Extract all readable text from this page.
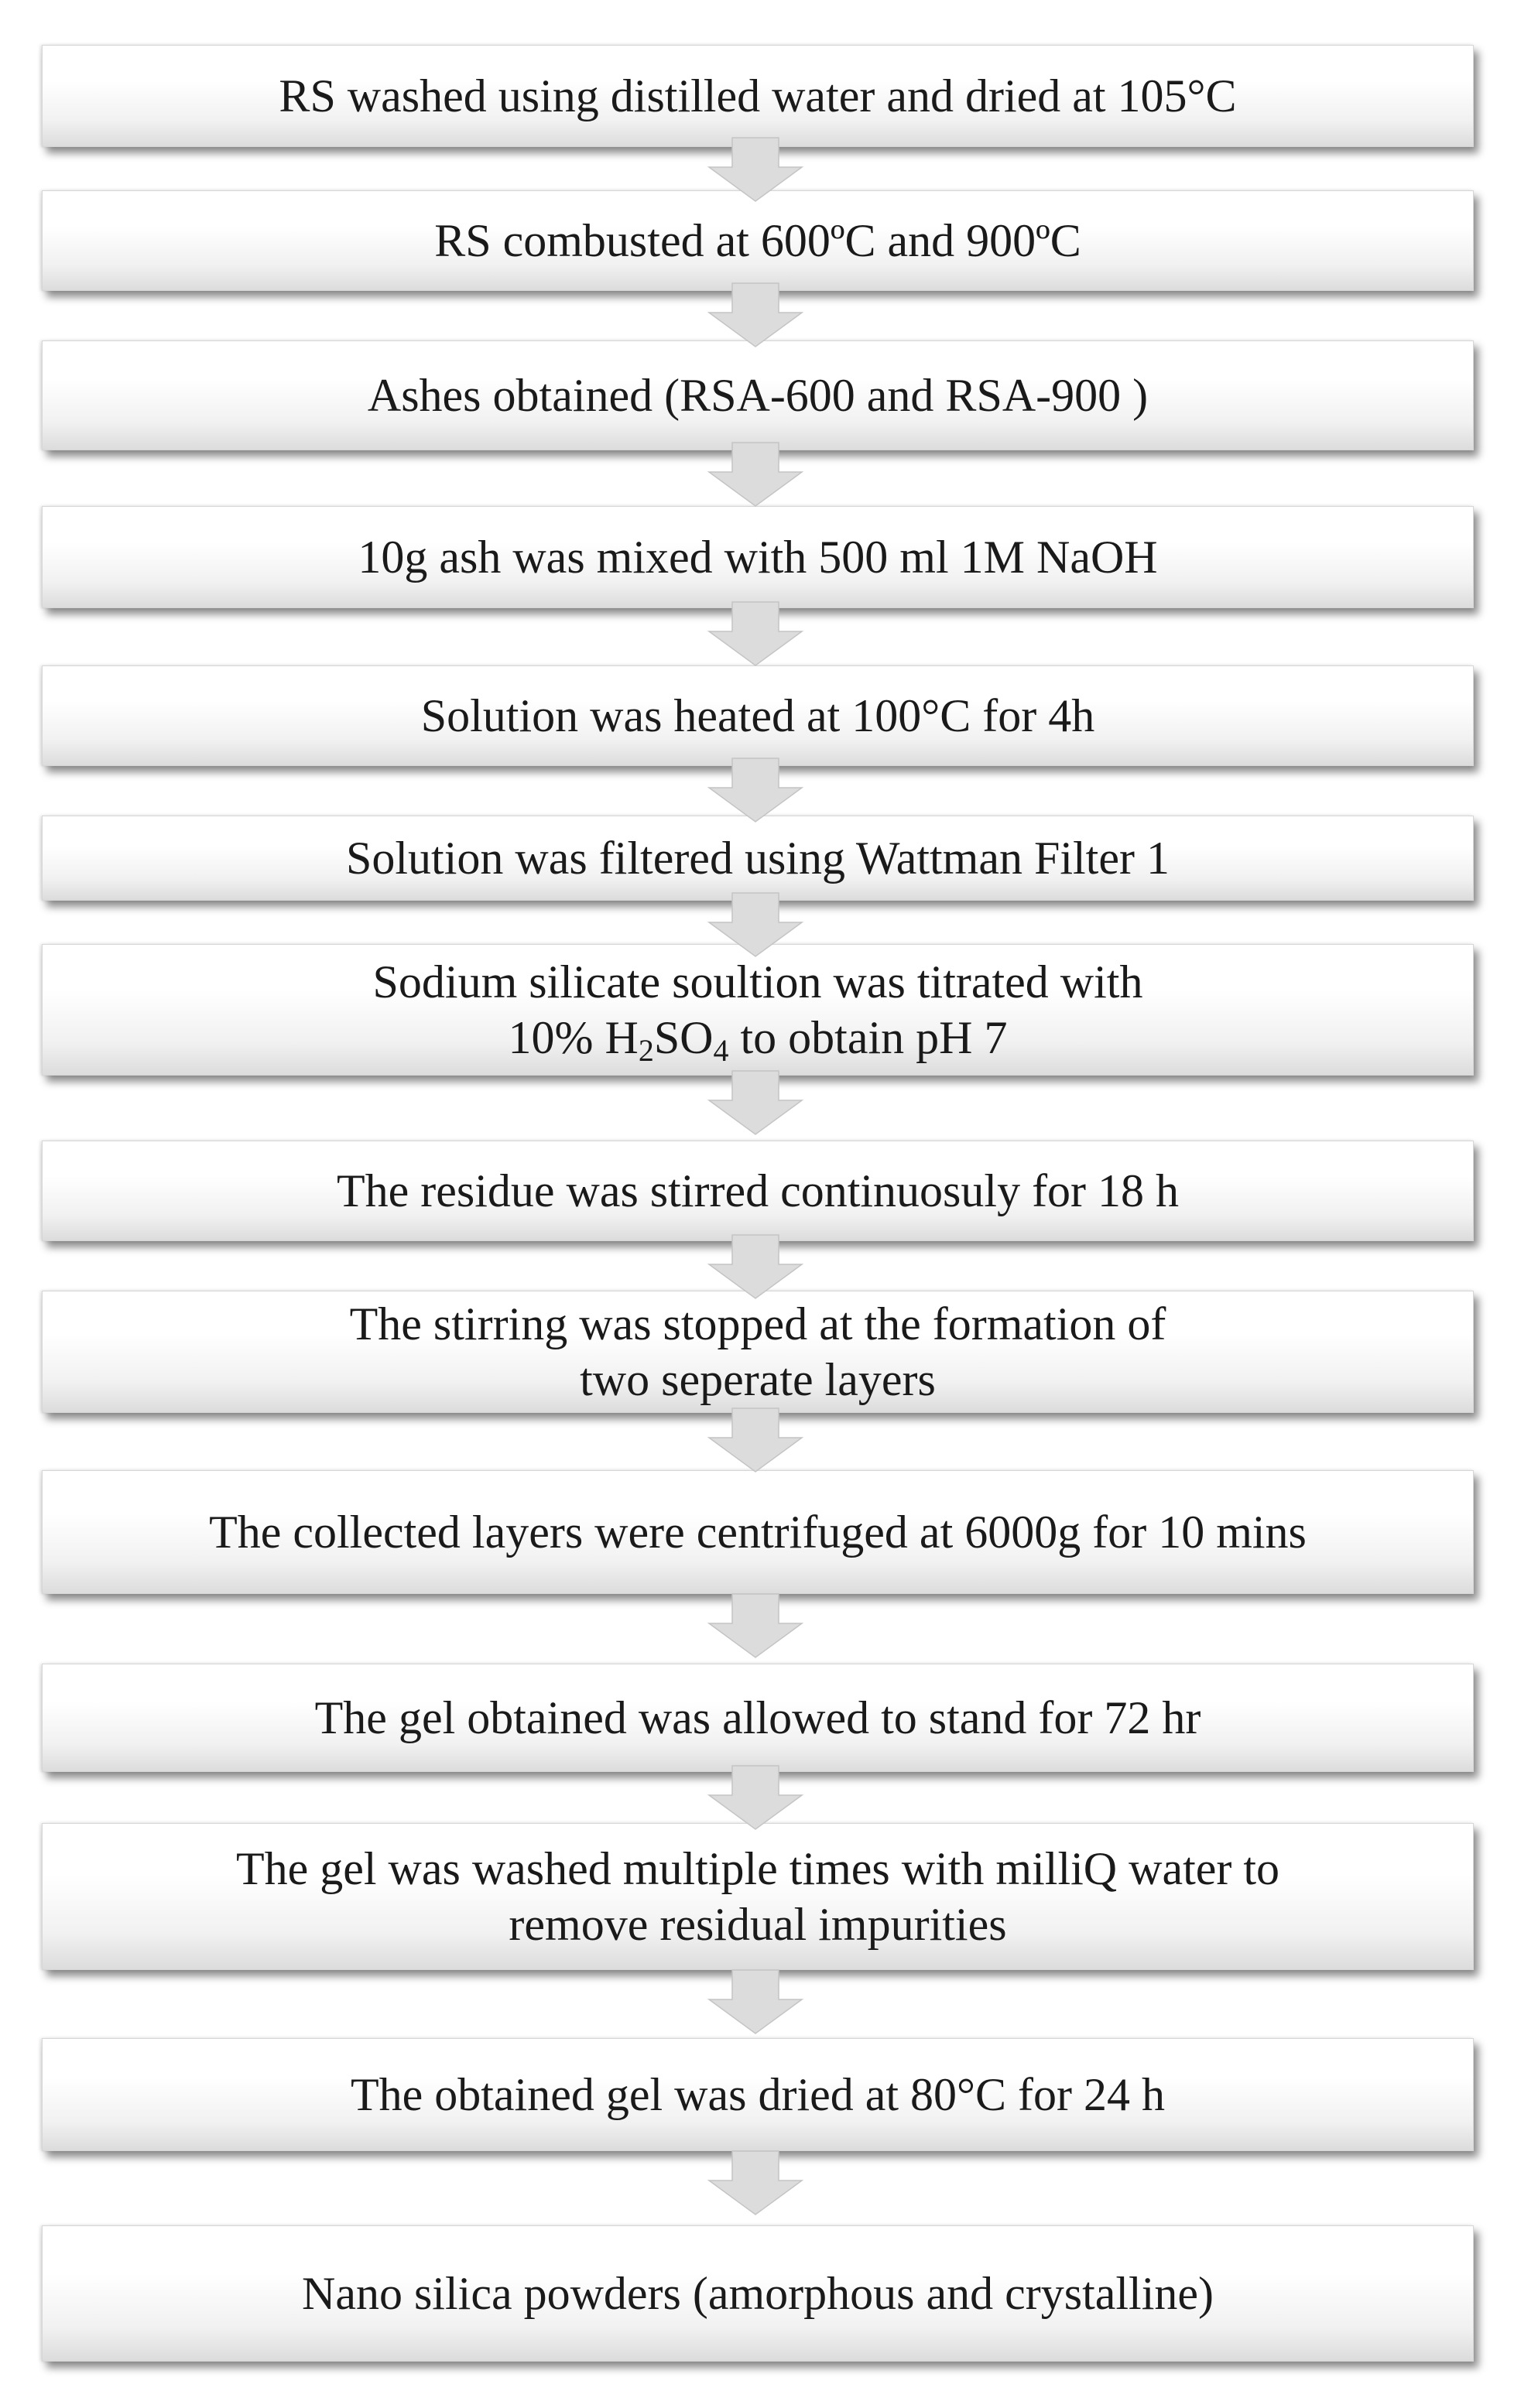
RS washed using distilled water and dried at 105°C
RS combusted at 600ºC and 900ºC
Ashes obtained (RSA-600 and RSA-900 )
10g ash was mixed with 500 ml 1M NaOH
Solution was heated at 100°C for 4h
Solution was filtered using Wattman Filter 1
Sodium silicate soultion was titrated with
10% $H_2SO_4$ to obtain pH 7
The residue was stirred continuosuly for 18 h
The stirring was stopped at the formation of
two seperate layers
The collected layers were centrifuged at 6000g for 10 mins
The gel obtained was allowed to stand for 72 hr
The gel was washed multiple times with milliQ water to
remove residual impurities
The obtained gel was dried at 80°C for 24 h
Nano silica powders (amorphous and crystalline)
